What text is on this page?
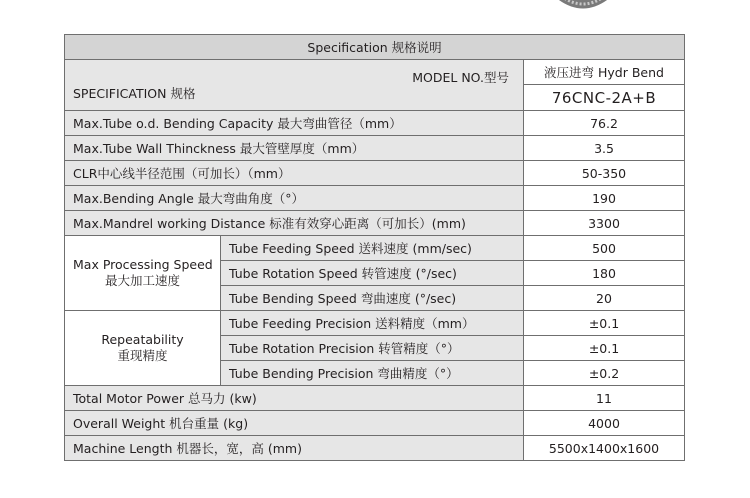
Specification 规格说明		

MODEL NO.型号
SPECIFICATION 规格		液压进弯 Hydr Bend
		76CNC-2A+B
Max.Tube o.d. Bending Capacity 最大弯曲管径（mm）		76.2
Max.Tube Wall Thinckness 最大管壁厚度（mm）		3.5
CLR中心线半径范围（可加长）（mm）		50-350
Max.Bending Angle 最大弯曲角度（°）		190
Max.Mandrel working Distance 标准有效穿心距离（可加长）(mm)		3300

Max Processing Speed
最大加工速度	Tube Feeding Speed 送料速度 (mm/sec)	500
	Tube Rotation Speed 转管速度 (°/sec)	180
	Tube Bending Speed 弯曲速度 (°/sec)	20

Repeatability
重现精度	Tube Feeding Precision 送料精度（mm）	±0.1
	Tube Rotation Precision 转管精度（°）	±0.1
	Tube Bending Precision 弯曲精度（°）	±0.2
Total Motor Power 总马力 (kw)		11
Overall Weight 机台重量 (kg)		4000
Machine Length 机器长，宽，高 (mm)		5500x1400x1600
